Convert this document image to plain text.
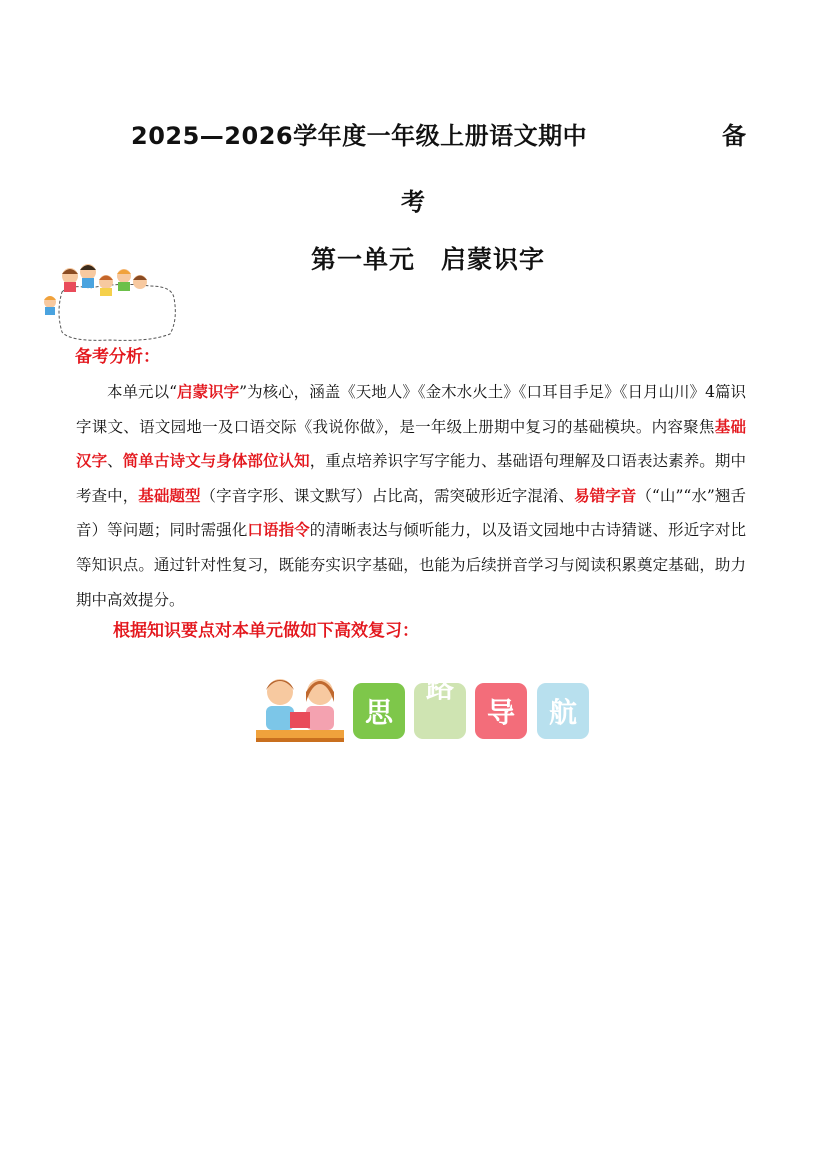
2025—2026学年度一年级上册语文期中	备
考
第一单元　启蒙识字
备考分析：

本单元以“启蒙识字”为核心，涵盖《天地人》《金木水火土》《口耳目手足》《日月山川》4篇识字课文、语文园地一及口语交际《我说你做》，是一年级上册期中复习的基础模块。内容聚焦基础汉字、简单古诗文与身体部位认知，重点培养识字写字能力、基础语句理解及口语表达素养。期中考查中，基础题型（字音字形、课文默写）占比高，需突破形近字混淆、易错字音（“山”“水”翘舌音）等问题；同时需强化口语指令的清晰表达与倾听能力，以及语文园地中古诗猜谜、形近字对比等知识点。通过针对性复习，既能夯实识字基础，也能为后续拼音学习与阅读积累奠定基础，助力期中高效提分。

根据知识要点对本单元做如下高效复习：
思
路

e
导	航
